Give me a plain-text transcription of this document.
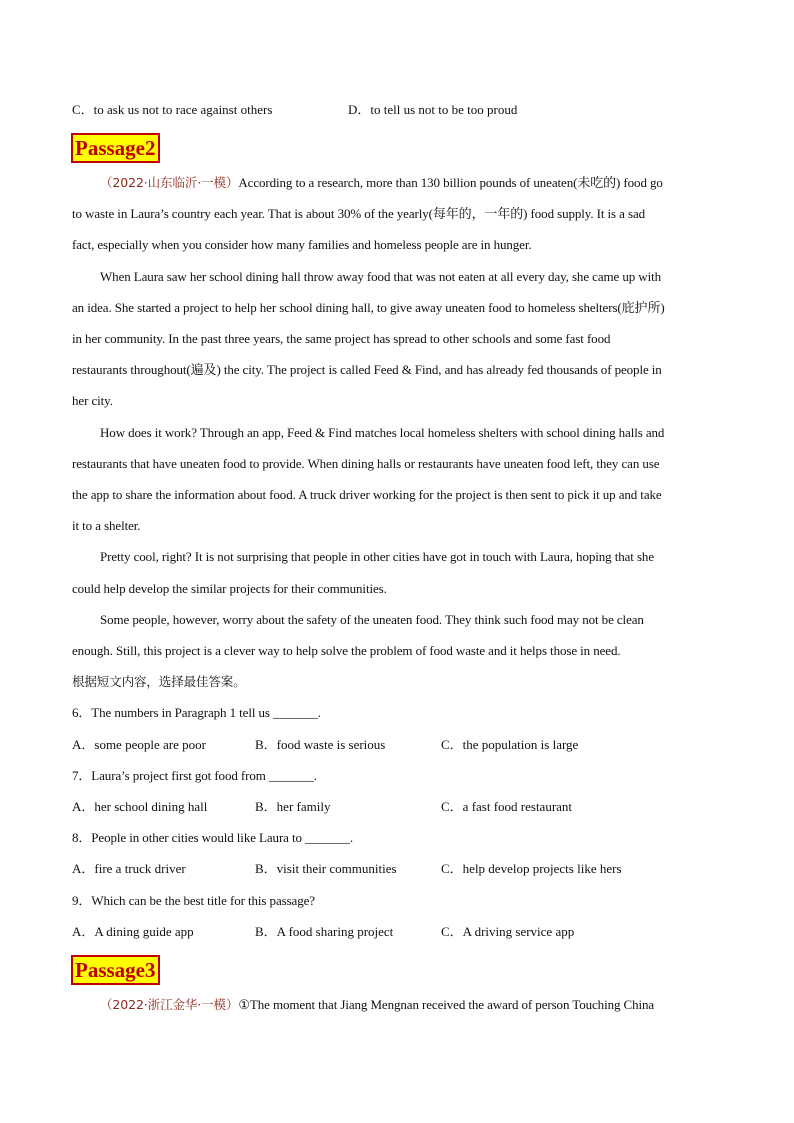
C．to ask us not to race against others	D．to tell us not to be too proud
Passage2
（2022·山东临沂·一模）According to a research, more than 130 billion pounds of uneaten(未吃的) food go
to waste in Laura’s country each year. That is about 30% of the yearly(每年的，一年的) food supply. It is a sad
fact, especially when you consider how many families and homeless people are in hunger.
When Laura saw her school dining hall throw away food that was not eaten at all every day, she came up with
an idea. She started a project to help her school dining hall, to give away uneaten food to homeless shelters(庇护所)
in her community. In the past three years, the same project has spread to other schools and some fast food
restaurants throughout(遍及) the city. The project is called Feed & Find, and has already fed thousands of people in
her city.
How does it work? Through an app, Feed & Find matches local homeless shelters with school dining halls and
restaurants that have uneaten food to provide. When dining halls or restaurants have uneaten food left, they can use
the app to share the information about food. A truck driver working for the project is then sent to pick it up and take
it to a shelter.
Pretty cool, right? It is not surprising that people in other cities have got in touch with Laura, hoping that she
could help develop the similar projects for their communities.
Some people, however, worry about the safety of the uneaten food. They think such food may not be clean
enough. Still, this project is a clever way to help solve the problem of food waste and it helps those in need.
根据短文内容，选择最佳答案。
6．The numbers in Paragraph 1 tell us _______.
A．some people are poor	B．food waste is serious	C．the population is large
7．Laura’s project first got food from _______.
A．her school dining hall	B．her family	C．a fast food restaurant
8．People in other cities would like Laura to _______.
A．fire a truck driver	B．visit their communities	C．help develop projects like hers
9．Which can be the best title for this passage?
A．A dining guide app	B．A food sharing project	C．A driving service app
Passage3
（2022·浙江金华·一模）①The moment that Jiang Mengnan received the award of person Touching China
